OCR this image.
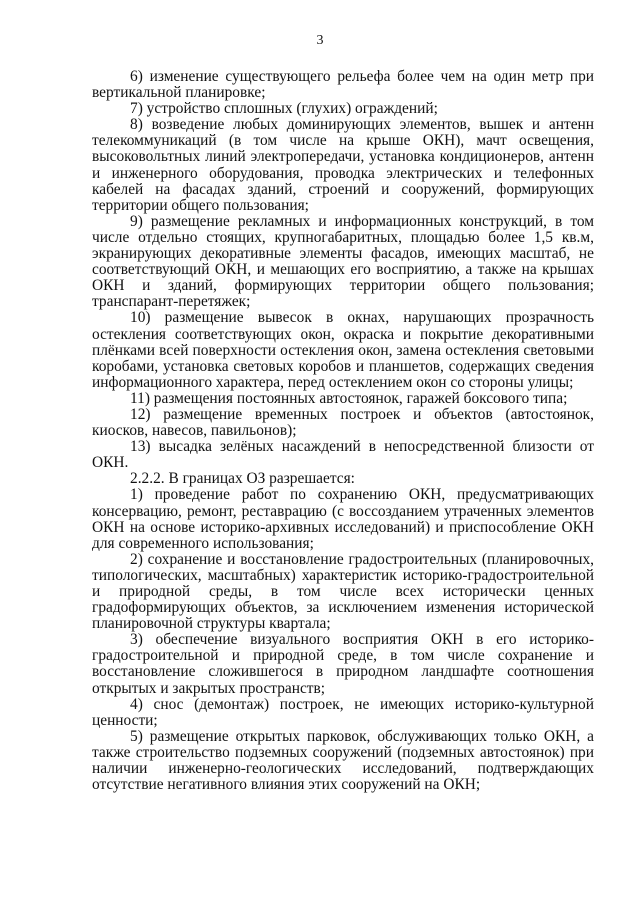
3

6) изменение существующего рельефа более чем на один метр при вертикальной планировке;

7) устройство сплошных (глухих) ограждений;

8) возведение любых доминирующих элементов, вышек и антенн телекоммуникаций (в том числе на крыше ОКН), мачт освещения, высоковольтных линий электропередачи, установка кондиционеров, антенн и инженерного оборудования, проводка электрических и телефонных кабелей на фасадах зданий, строений и сооружений, формирующих территории общего пользования;

9) размещение рекламных и информационных конструкций, в том числе отдельно стоящих, крупногабаритных, площадью более 1,5 кв.м, экранирующих декоративные элементы фасадов, имеющих масштаб, не соответствующий ОКН, и мешающих его восприятию, а также на крышах ОКН и зданий, формирующих территории общего пользования; транспарант-перетяжек;

10) размещение вывесок в окнах, нарушающих прозрачность остекления соответствующих окон, окраска и покрытие декоративными плёнками всей поверхности остекления окон, замена остекления световыми коробами, установка световых коробов и планшетов, содержащих сведения информационного характера, перед остеклением окон со стороны улицы;

11) размещения постоянных автостоянок, гаражей боксового типа;

12) размещение временных построек и объектов (автостоянок, киосков, навесов, павильонов);

13) высадка зелёных насаждений в непосредственной близости от ОКН.

2.2.2. В границах ОЗ разрешается:

1) проведение работ по сохранению ОКН, предусматривающих консервацию, ремонт, реставрацию (с воссозданием утраченных элементов ОКН на основе историко-архивных исследований) и приспособление ОКН для современного использования;

2) сохранение и восстановление градостроительных (планировочных, типологических, масштабных) характеристик историко-градостроительной и природной среды, в том числе всех исторически ценных градоформирующих объектов, за исключением изменения исторической планировочной структуры квартала;

3) обеспечение визуального восприятия ОКН в его историко-градостроительной и природной среде, в том числе сохранение и восстановление сложившегося в природном ландшафте соотношения открытых и закрытых пространств;

4) снос (демонтаж) построек, не имеющих историко-культурной ценности;

5) размещение открытых парковок, обслуживающих только ОКН, а также строительство подземных сооружений (подземных автостоянок) при наличии инженерно-геологических исследований, подтверждающих отсутствие негативного влияния этих сооружений на ОКН;
